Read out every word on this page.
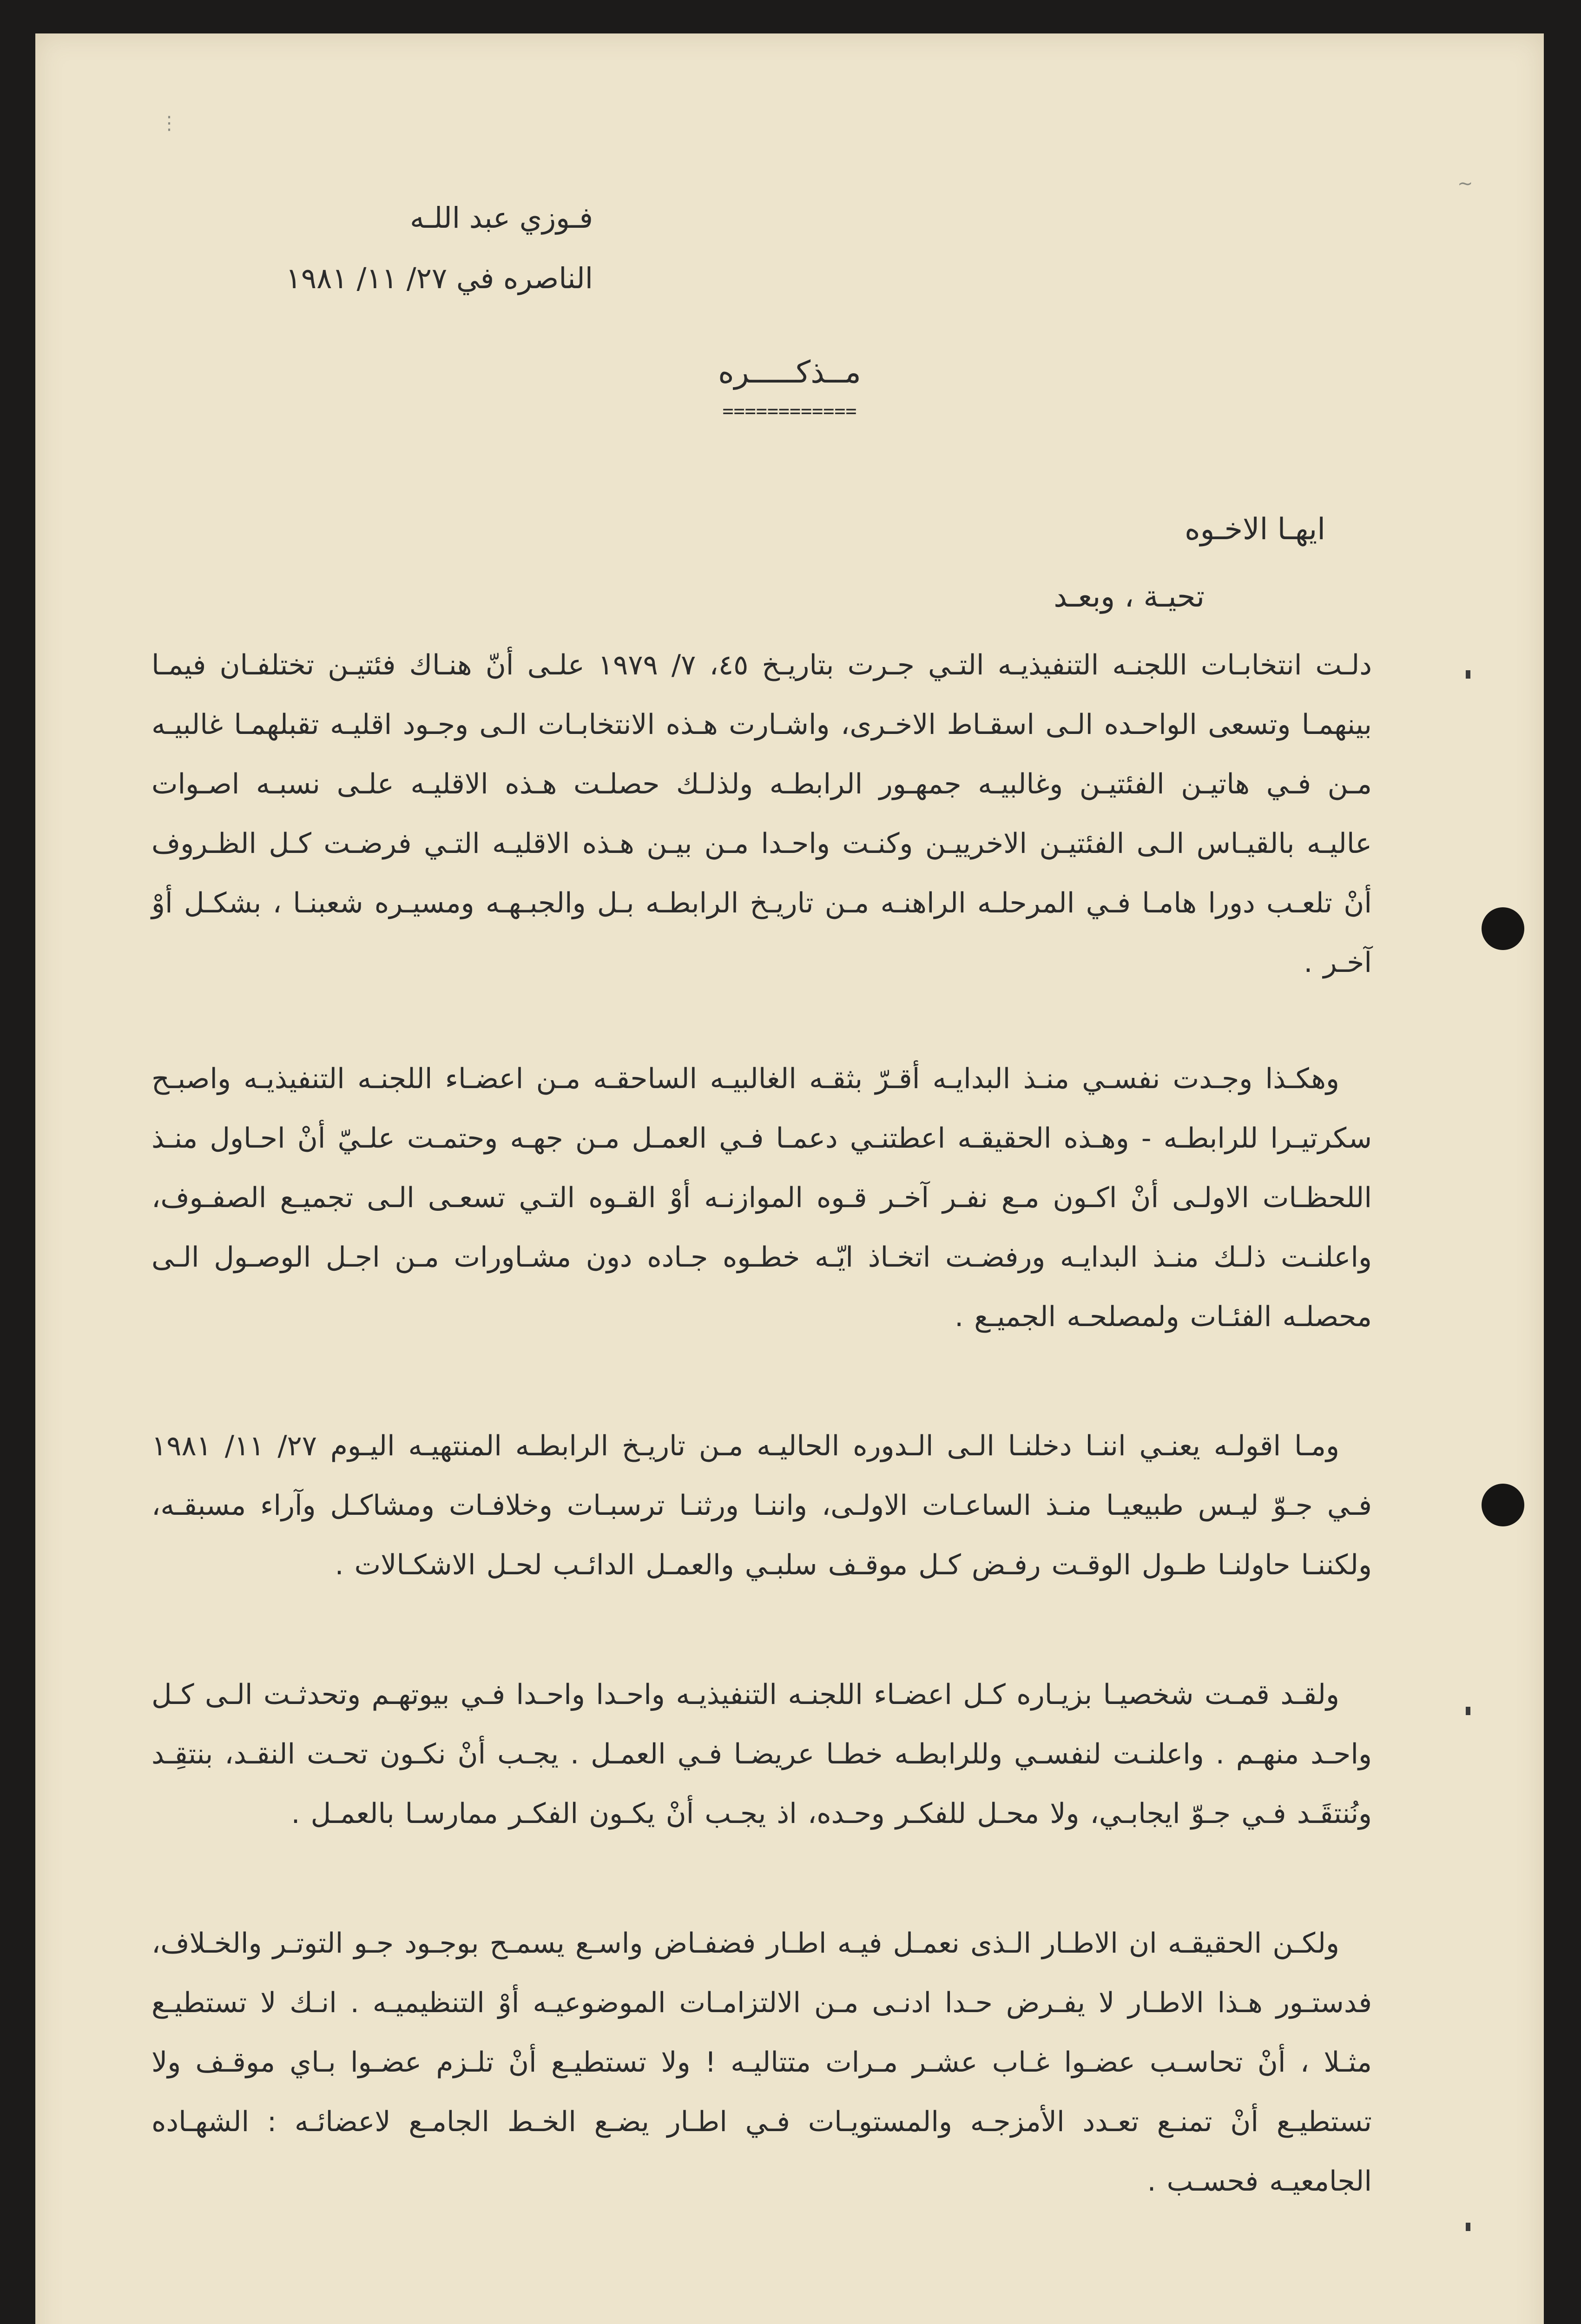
⋮
~
فـوزي عبد اللـه
الناصره في ٢٧/ ١١/ ١٩٨١
مــذكـــــره
============
ايهـا الاخـوه
تحيـة ، وبعـد

دلـت انتخابـات اللجنـه التنفيذيـه التـي جـرت بتاريـخ ٤٥، ٧/ ١٩٧٩ علـى أنّ هنـاك فئتيـن تختلفـان فيمـا بينهمـا وتسعى الواحـده الـى اسقـاط الاخـرى، واشـارت هـذه الانتخابـات الـى وجـود اقليـه تقبلهمـا غالبيـه مـن فـي هاتيـن الفئتيـن وغالبيـه جمهـور الرابطـه ولذلـك حصلـت هـذه الاقليـه علـى نسبـه اصـوات عاليـه بالقيـاس الـى الفئتيـن الاخرييـن وكنـت واحـدا مـن بيـن هـذه الاقليـه التـي فرضـت كـل الظـروف أنْ تلعـب دورا هامـا فـي المرحلـه الراهنـه مـن تاريـخ الرابطـه بـل والجبـهـه ومسيـره شعبنـا ، بشكـل أوْ آخـر .

وهكـذا وجـدت نفسـي منـذ البدايـه أقـرّ بثقـه الغالبيـه الساحقـه مـن اعضـاء اللجنـه التنفيذيـه واصبـح سكرتيـرا للرابطـه - وهـذه الحقيقـه اعطتنـي دعمـا فـي العمـل مـن جهـه وحتمـت علـيّ أنْ احـاول منـذ اللحظـات الاولـى أنْ اكـون مـع نفـر آخـر قـوه الموازنـه أوْ القـوه التـي تسعـى الـى تجميـع الصفـوف، واعلنـت ذلـك منـذ البدايـه ورفضـت اتخـاذ ايّـه خطـوه جـاده دون مشـاورات مـن اجـل الوصـول الـى محصلـه الفئـات ولمصلحـه الجميـع .

ومـا اقولـه يعنـي اننـا دخلنـا الـى الـدوره الحاليـه مـن تاريـخ الرابطـه المنتهيـه اليـوم ٢٧/ ١١/ ١٩٨١ فـي جـوّ ليـس طبيعيـا منـذ الساعـات الاولـى، واننـا ورثنـا ترسبـات وخلافـات ومشاكـل وآراء مسبقـه، ولكننـا حاولنـا طـول الوقـت رفـض كـل موقـف سلبـي والعمـل الدائـب لحـل الاشكـالات .

ولقـد قمـت شخصيـا بزيـاره كـل اعضـاء اللجنـه التنفيذيـه واحـدا واحـدا فـي بيوتهـم وتحدثـت الـى كـل واحـد منهـم . واعلنـت لنفسـي وللرابطـه خطـا عريضـا فـي العمـل . يجـب أنْ نكـون تحـت النقـد، بنتقِـد ونُنتقَـد فـي جـوّ ايجابـي، ولا محـل للفكـر وحـده، اذ يجـب أنْ يكـون الفكـر ممارسـا بالعمـل .

ولكـن الحقيقـه ان الاطـار الـذى نعمـل فيـه اطـار فضفـاض واسـع يسمـح بوجـود جـو التوتـر والخـلاف، فدستـور هـذا الاطـار لا يفـرض حـدا ادنـى مـن الالتزامـات الموضوعيـه أوْ التنظيميـه . انـك لا تستطيـع مثـلا ، أنْ تحاسـب عضـوا غـاب عشـر مـرات متتاليـه ! ولا تستطيـع أنْ تلـزم عضـوا بـاي موقـف ولا تستطيـع أنْ تمنـع تعـدد الأمزجـه والمستويـات فـي اطـار يضـع الخـط الجامـع لاعضائـه : الشهـاده الجامعيـه فحسـب .
